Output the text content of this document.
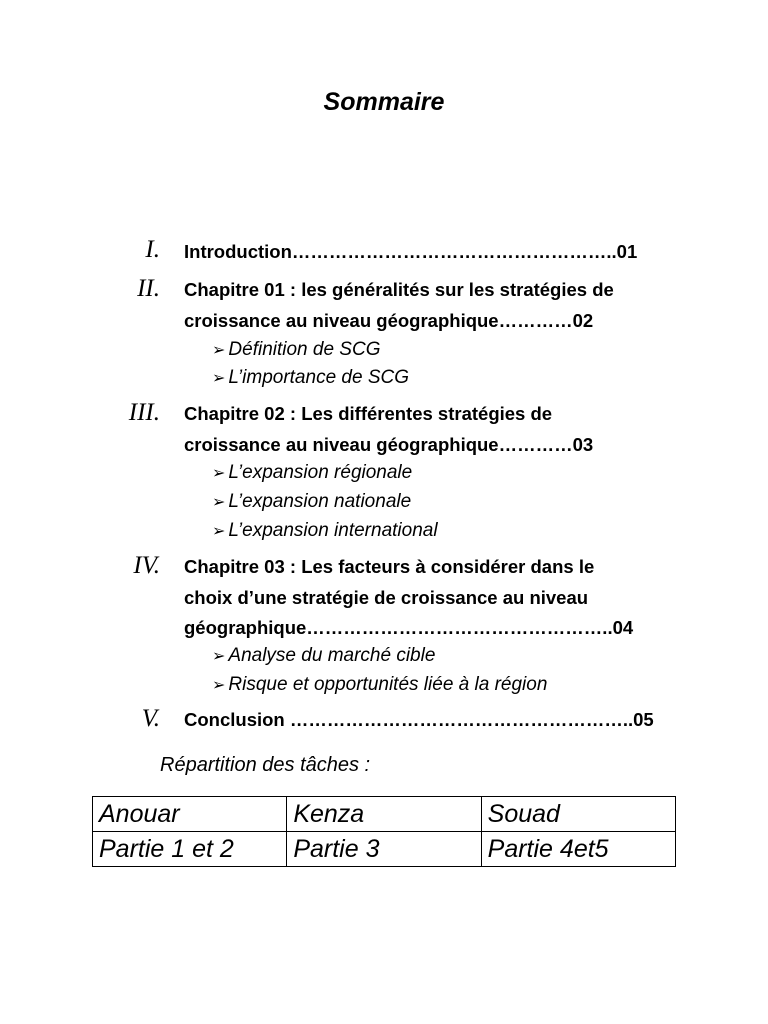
Sommaire
I. Introduction……………………………………………..01
II. Chapitre 01 : les généralités sur les stratégies de
croissance au niveau géographique…………02
➢ Définition de SCG
➢ L’importance de SCG
III. Chapitre 02 : Les différentes stratégies de
croissance au niveau géographique…………03
➢ L’expansion régionale
➢ L’expansion nationale
➢ L’expansion international
IV. Chapitre 03 : Les facteurs à considérer dans le
choix d’une stratégie de croissance au niveau
géographique…………………………………………..04
➢ Analyse du marché cible
➢ Risque et opportunités liée à la région
V. Conclusion ………………………………………………..05
Répartition des tâches :
Anouar	Kenza	Souad
Partie 1 et 2	Partie 3	Partie 4et5
